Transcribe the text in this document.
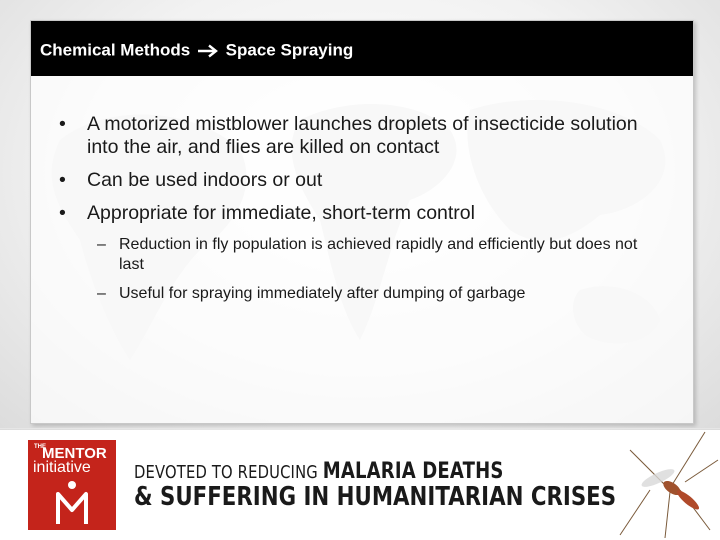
Chemical Methods Space Spraying
• A motorized mistblower launches droplets of insecticide solution into the air, and flies are killed on contact
• Can be used indoors or out
• Appropriate for immediate, short-term control
– Reduction in fly population is achieved rapidly and efficiently but does not last
– Useful for spraying immediately after dumping of garbage
THE
MENTOR
initiative DEVOTED TO REDUCING MALARIA DEATHS
& SUFFERING IN HUMANITARIAN CRISES
